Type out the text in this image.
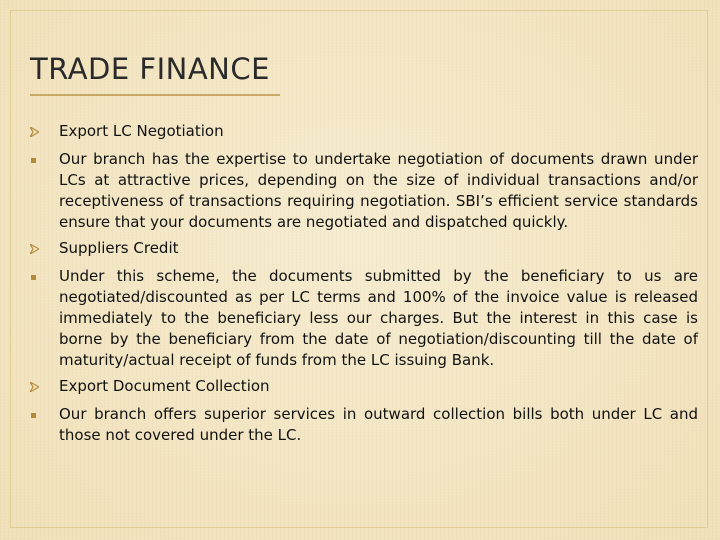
TRADE FINANCE
Export LC Negotiation
Our branch has the expertise to undertake negotiation of documents drawn under LCs at attractive prices, depending on the size of individual transactions and/or receptiveness of transactions requiring negotiation. SBI’s efficient service standards ensure that your documents are negotiated and dispatched quickly.
Suppliers Credit
Under this scheme, the documents submitted by the beneficiary to us are negotiated/discounted as per LC terms and 100% of the invoice value is released immediately to the beneficiary less our charges. But the interest in this case is borne by the beneficiary from the date of negotiation/discounting till the date of maturity/actual receipt of funds from the LC issuing Bank.
Export Document Collection
Our branch offers superior services in outward collection bills both under LC and those not covered under the LC.
